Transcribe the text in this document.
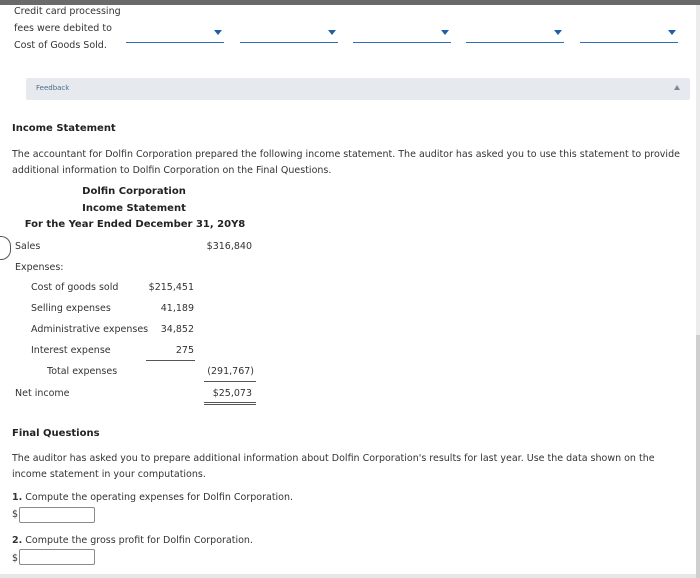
Credit card processing fees were debited to Cost of Goods Sold.
Feedback
Income Statement
The accountant for Dolfin Corporation prepared the following income statement. The auditor has asked you to use this statement to provide additional information to Dolfin Corporation on the Final Questions.
Dolfin Corporation
Income Statement
For the Year Ended December 31, 20Y8
Sales	$316,840
Expenses:
Cost of goods sold	$215,451
Selling expenses	41,189
Administrative expenses	34,852
Interest expense	275
Total expenses	(291,767)
Net income	$25,073
Final Questions
The auditor has asked you to prepare additional information about Dolfin Corporation's results for last year. Use the data shown on the income statement in your computations.
1. Compute the operating expenses for Dolfin Corporation.
$
2. Compute the gross profit for Dolfin Corporation.
$
